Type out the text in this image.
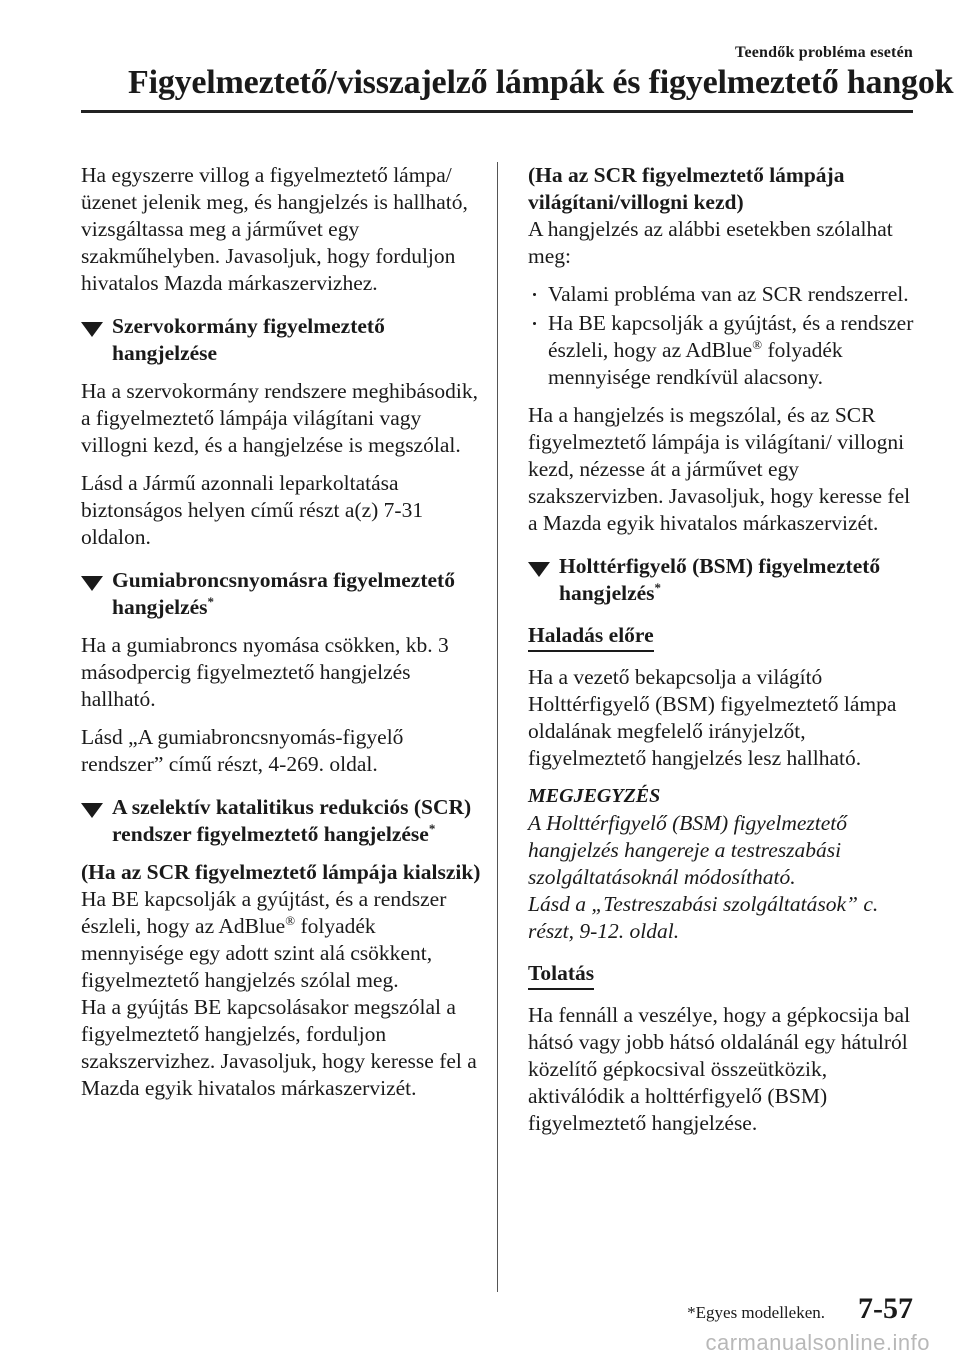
Teendők probléma esetén
Figyelmeztető/visszajelző lámpák és figyelmeztető hangok

Ha egyszerre villog a figyelmeztető lámpa/üzenet jelenik meg, és hangjelzés is hallható, vizsgáltassa meg a járművet egy szakműhelyben. Javasoljuk, hogy forduljon hivatalos Mazda márkaszervizhez.

Szervokormány figyelmeztető hangjelzése

Ha a szervokormány rendszere meghibásodik, a figyelmeztető lámpája világítani vagy villogni kezd, és a hangjelzése is megszólal.

Lásd a Jármű azonnali leparkoltatása biztonságos helyen című részt a(z) 7-31 oldalon.

Gumiabroncsnyomásra figyelmeztető hangjelzés*

Ha a gumiabroncs nyomása csökken, kb. 3 másodpercig figyelmeztető hangjelzés hallható.

Lásd „A gumiabroncsnyomás-figyelő rendszer” című részt, 4-269. oldal.

A szelektív katalitikus redukciós (SCR) rendszer figyelmeztető hangjelzése*

(Ha az SCR figyelmeztető lámpája kialszik)

Ha BE kapcsolják a gyújtást, és a rendszer észleli, hogy az AdBlue® folyadék mennyisége egy adott szint alá csökkent, figyelmeztető hangjelzés szólal meg.

Ha a gyújtás BE kapcsolásakor megszólal a figyelmeztető hangjelzés, forduljon szakszervizhez. Javasoljuk, hogy keresse fel a Mazda egyik hivatalos márkaszervizét.

(Ha az SCR figyelmeztető lámpája világítani/villogni kezd)

A hangjelzés az alábbi esetekben szólalhat meg:

Valami probléma van az SCR rendszerrel.
Ha BE kapcsolják a gyújtást, és a rendszer észleli, hogy az AdBlue® folyadék mennyisége rendkívül alacsony.

Ha a hangjelzés is megszólal, és az SCR figyelmeztető lámpája is világítani/ villogni kezd, nézesse át a járművet egy szakszervizben. Javasoljuk, hogy keresse fel a Mazda egyik hivatalos márkaszervizét.

Holttérfigyelő (BSM) figyelmeztető hangjelzés*
Haladás előre

Ha a vezető bekapcsolja a világító Holttérfigyelő (BSM) figyelmeztető lámpa oldalának megfelelő irányjelzőt, figyelmeztető hangjelzés lesz hallható.

MEGJEGYZÉS

A Holttérfigyelő (BSM) figyelmeztető hangjelzés hangereje a testreszabási szolgáltatásoknál módosítható.

Lásd a „Testreszabási szolgáltatások” c. részt, 9-12. oldal.

Tolatás

Ha fennáll a veszélye, hogy a gépkocsija bal hátsó vagy jobb hátsó oldalánál egy hátulról közelítő gépkocsival összeütközik, aktiválódik a holttérfigyelő (BSM) figyelmeztető hangjelzése.

*Egyes modelleken. 7-57
carmanualsonline.info
